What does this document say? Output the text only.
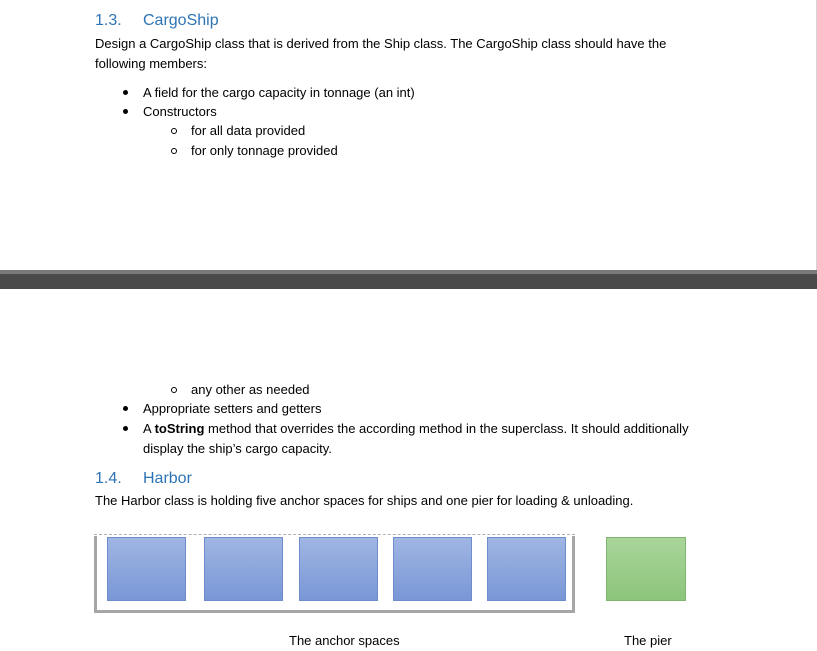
1.3. CargoShip
Design a CargoShip class that is derived from the Ship class. The CargoShip class should have the
following members:
A field for the cargo capacity in tonnage (an int)
Constructors
for all data provided
for only tonnage provided
any other as needed
Appropriate setters and getters
A toString method that overrides the according method in the superclass. It should additionally
display the ship’s cargo capacity.
1.4. Harbor
The Harbor class is holding five anchor spaces for ships and one pier for loading & unloading.
The anchor spaces	The pier
